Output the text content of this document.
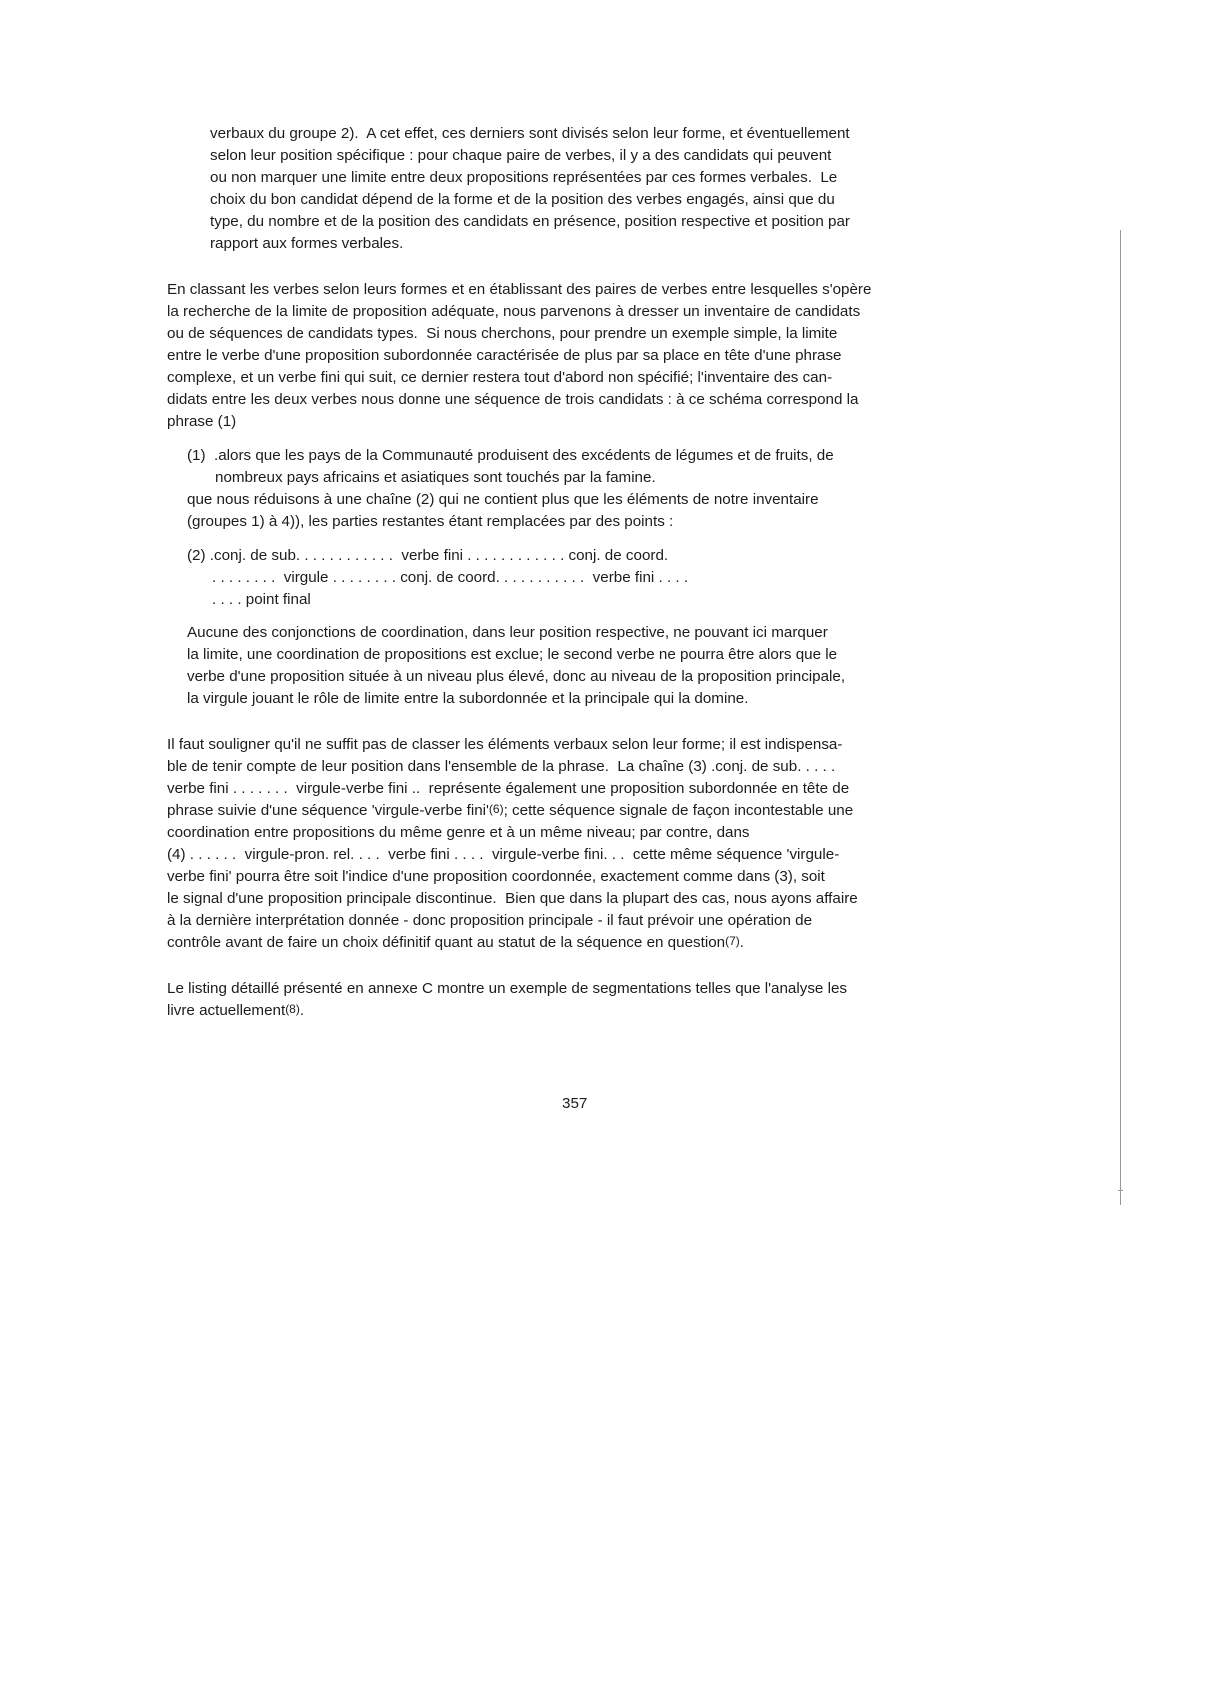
verbaux du groupe 2).  A cet effet, ces derniers sont divisés selon leur forme, et éventuellement
selon leur position spécifique : pour chaque paire de verbes, il y a des candidats qui peuvent
ou non marquer une limite entre deux propositions représentées par ces formes verbales.  Le
choix du bon candidat dépend de la forme et de la position des verbes engagés, ainsi que du
type, du nombre et de la position des candidats en présence, position respective et position par
rapport aux formes verbales.
En classant les verbes selon leurs formes et en établissant des paires de verbes entre lesquelles s'opère
la recherche de la limite de proposition adéquate, nous parvenons à dresser un inventaire de candidats
ou de séquences de candidats types.  Si nous cherchons, pour prendre un exemple simple, la limite
entre le verbe d'une proposition subordonnée caractérisée de plus par sa place en tête d'une phrase
complexe, et un verbe fini qui suit, ce dernier restera tout d'abord non spécifié; l'inventaire des can-
didats entre les deux verbes nous donne une séquence de trois candidats : à ce schéma correspond la
phrase (1)
(1)  .alors que les pays de la Communauté produisent des excédents de légumes et de fruits, de
nombreux pays africains et asiatiques sont touchés par la famine.
que nous réduisons à une chaîne (2) qui ne contient plus que les éléments de notre inventaire
(groupes 1) à 4)), les parties restantes étant remplacées par des points :
(2) .conj. de sub. . . . . . . . . . . .  verbe fini . . . . . . . . . . . . conj. de coord.
. . . . . . . .  virgule . . . . . . . . conj. de coord. . . . . . . . . . .  verbe fini . . . .
. . . . point final
Aucune des conjonctions de coordination, dans leur position respective, ne pouvant ici marquer
la limite, une coordination de propositions est exclue; le second verbe ne pourra être alors que le
verbe d'une proposition située à un niveau plus élevé, donc au niveau de la proposition principale,
la virgule jouant le rôle de limite entre la subordonnée et la principale qui la domine.
Il faut souligner qu'il ne suffit pas de classer les éléments verbaux selon leur forme; il est indispensa-
ble de tenir compte de leur position dans l'ensemble de la phrase.  La chaîne (3) .conj. de sub. . . . .
verbe fini . . . . . . .  virgule-verbe fini ..  représente également une proposition subordonnée en tête de
phrase suivie d'une séquence 'virgule-verbe $fini'^{(6)}$; cette séquence signale de façon incontestable une
coordination entre propositions du même genre et à un même niveau; par contre, dans
(4) . . . . . .  virgule-pron. rel. . . .  verbe fini . . . .  virgule-verbe fini. . .  cette même séquence 'virgule-
verbe fini' pourra être soit l'indice d'une proposition coordonnée, exactement comme dans (3), soit
le signal d'une proposition principale discontinue.  Bien que dans la plupart des cas, nous ayons affaire
à la dernière interprétation donnée - donc proposition principale - il faut prévoir une opération de
contrôle avant de faire un choix définitif quant au statut de la séquence en question$^{(7)}$.
Le listing détaillé présenté en annexe C montre un exemple de segmentations telles que l'analyse les
livre actuellement$^{(8)}$.
357
